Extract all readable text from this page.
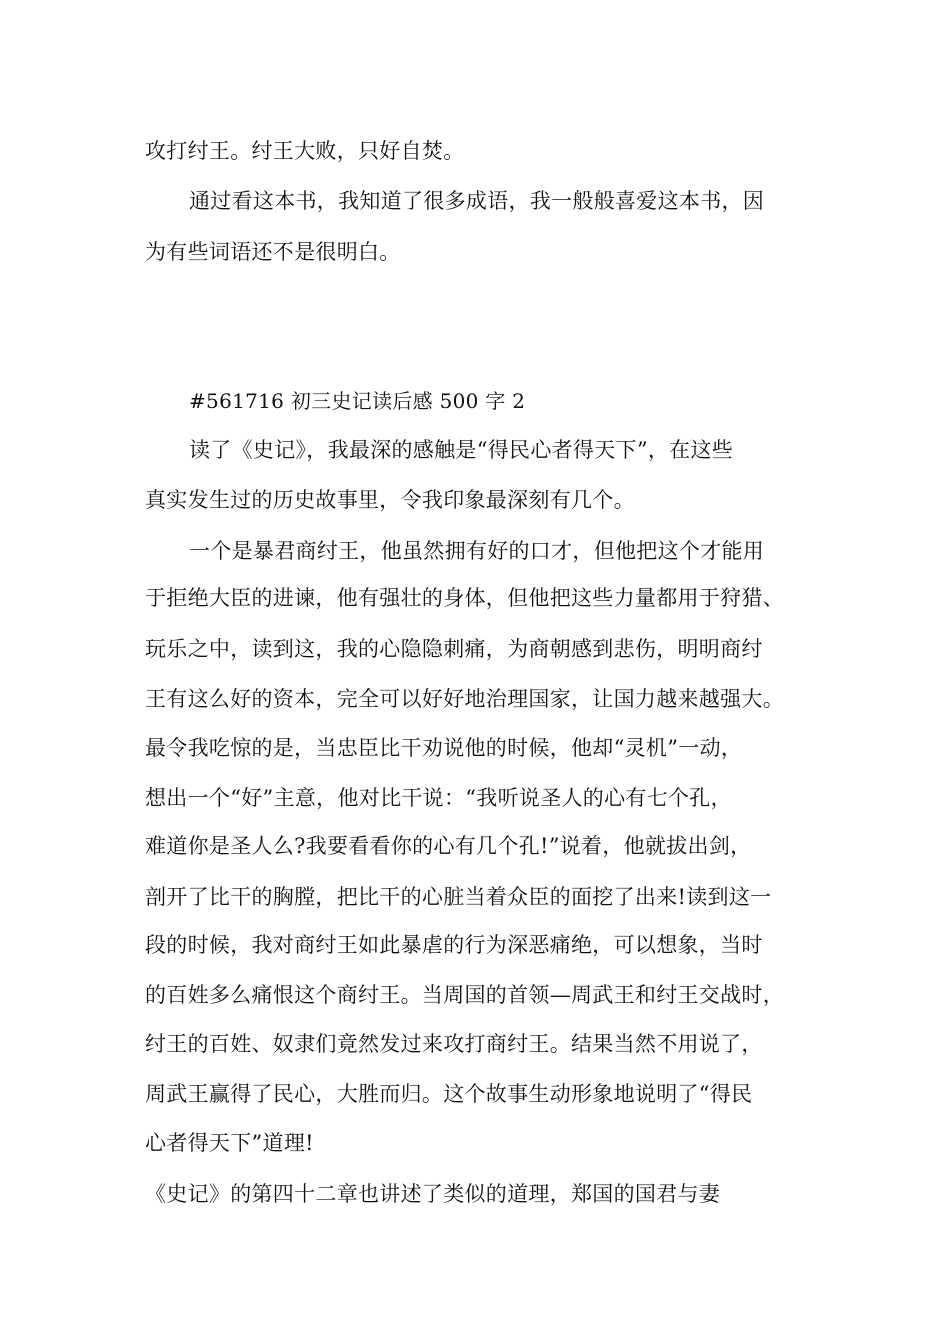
攻打纣王。纣王大败，只好自焚。
通过看这本书，我知道了很多成语，我一般般喜爱这本书，因
为有些词语还不是很明白。
#561716 初三史记读后感 500 字 2
读了《史记》，我最深的感触是“得民心者得天下”，在这些
真实发生过的历史故事里，令我印象最深刻有几个。
一个是暴君商纣王，他虽然拥有好的口才，但他把这个才能用
于拒绝大臣的进谏，他有强壮的身体，但他把这些力量都用于狩猎、
玩乐之中，读到这，我的心隐隐刺痛，为商朝感到悲伤，明明商纣
王有这么好的资本，完全可以好好地治理国家，让国力越来越强大。
最令我吃惊的是，当忠臣比干劝说他的时候，他却“灵机”一动，
想出一个“好”主意，他对比干说：“我听说圣人的心有七个孔，
难道你是圣人么?我要看看你的心有几个孔!”说着，他就拔出剑，
剖开了比干的胸膛，把比干的心脏当着众臣的面挖了出来!读到这一
段的时候，我对商纣王如此暴虐的行为深恶痛绝，可以想象，当时
的百姓多么痛恨这个商纣王。当周国的首领—周武王和纣王交战时，
纣王的百姓、奴隶们竟然发过来攻打商纣王。结果当然不用说了，
周武王赢得了民心，大胜而归。这个故事生动形象地说明了“得民
心者得天下”道理!
《史记》的第四十二章也讲述了类似的道理，郑国的国君与妻
